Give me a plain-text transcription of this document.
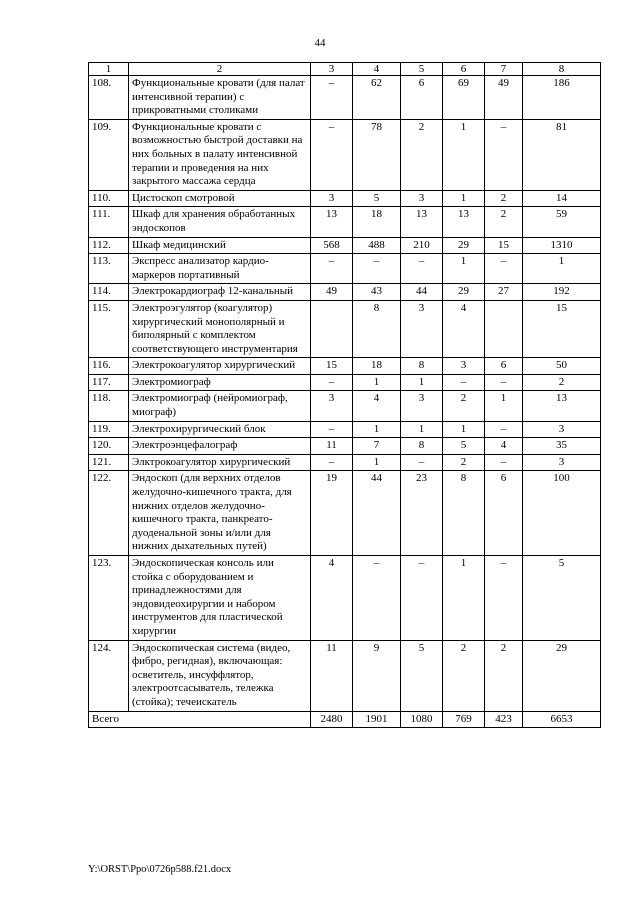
44
1	2	3	4	5	6	7	8
108.	Функциональные кровати (для палат интенсивной терапии) с прикроватными столиками	–	62	6	69	49	186
109.	Функциональные кровати с возможностью быстрой доставки на них больных в палату интенсивной терапии и проведения на них закрытого массажа сердца	–	78	2	1	–	81
110.	Цистоскоп смотровой	3	5	3	1	2	14
111.	Шкаф для хранения обработанных эндоскопов	13	18	13	13	2	59
112.	Шкаф медицинский	568	488	210	29	15	1310
113.	Экспресс анализатор кардио-маркеров портативный	–	–	–	1	–	1
114.	Электрокардиограф 12-канальный	49	43	44	29	27	192
115.	Электроэгулятор (коагулятор) хирургический монополярный и биполярный с комплектом соответствующего инструментария		8	3	4		15
116.	Электрокоагулятор хирургический	15	18	8	3	6	50
117.	Электромиограф	–	1	1	–	–	2
118.	Электромиограф (нейромиограф, миограф)	3	4	3	2	1	13
119.	Электрохирургический блок	–	1	1	1	–	3
120.	Электроэнцефалограф	11	7	8	5	4	35
121.	Элктрокоагулятор хирургический	–	1	–	2	–	3
122.	Эндоскоп (для верхних отделов желудочно-кишечного тракта, для нижних отделов желудочно-кишечного тракта, панкреато-дуоденальной зоны и/или для нижних дыхательных путей)	19	44	23	8	6	100
123.	Эндоскопическая консоль или стойка с оборудованием и принадлежностями для эндовидеохирургии и набором инструментов для пластической хирургии	4	–	–	1	–	5
124.	Эндоскопическая система (видео, фибро, регидная), включающая: осветитель, инсуффлятор, электроотсасыватель, тележка (стойка); течеискатель	11	9	5	2	2	29
Всего		2480	1901	1080	769	423	6653
Y:\ORST\Ppo\0726p588.f21.docx
